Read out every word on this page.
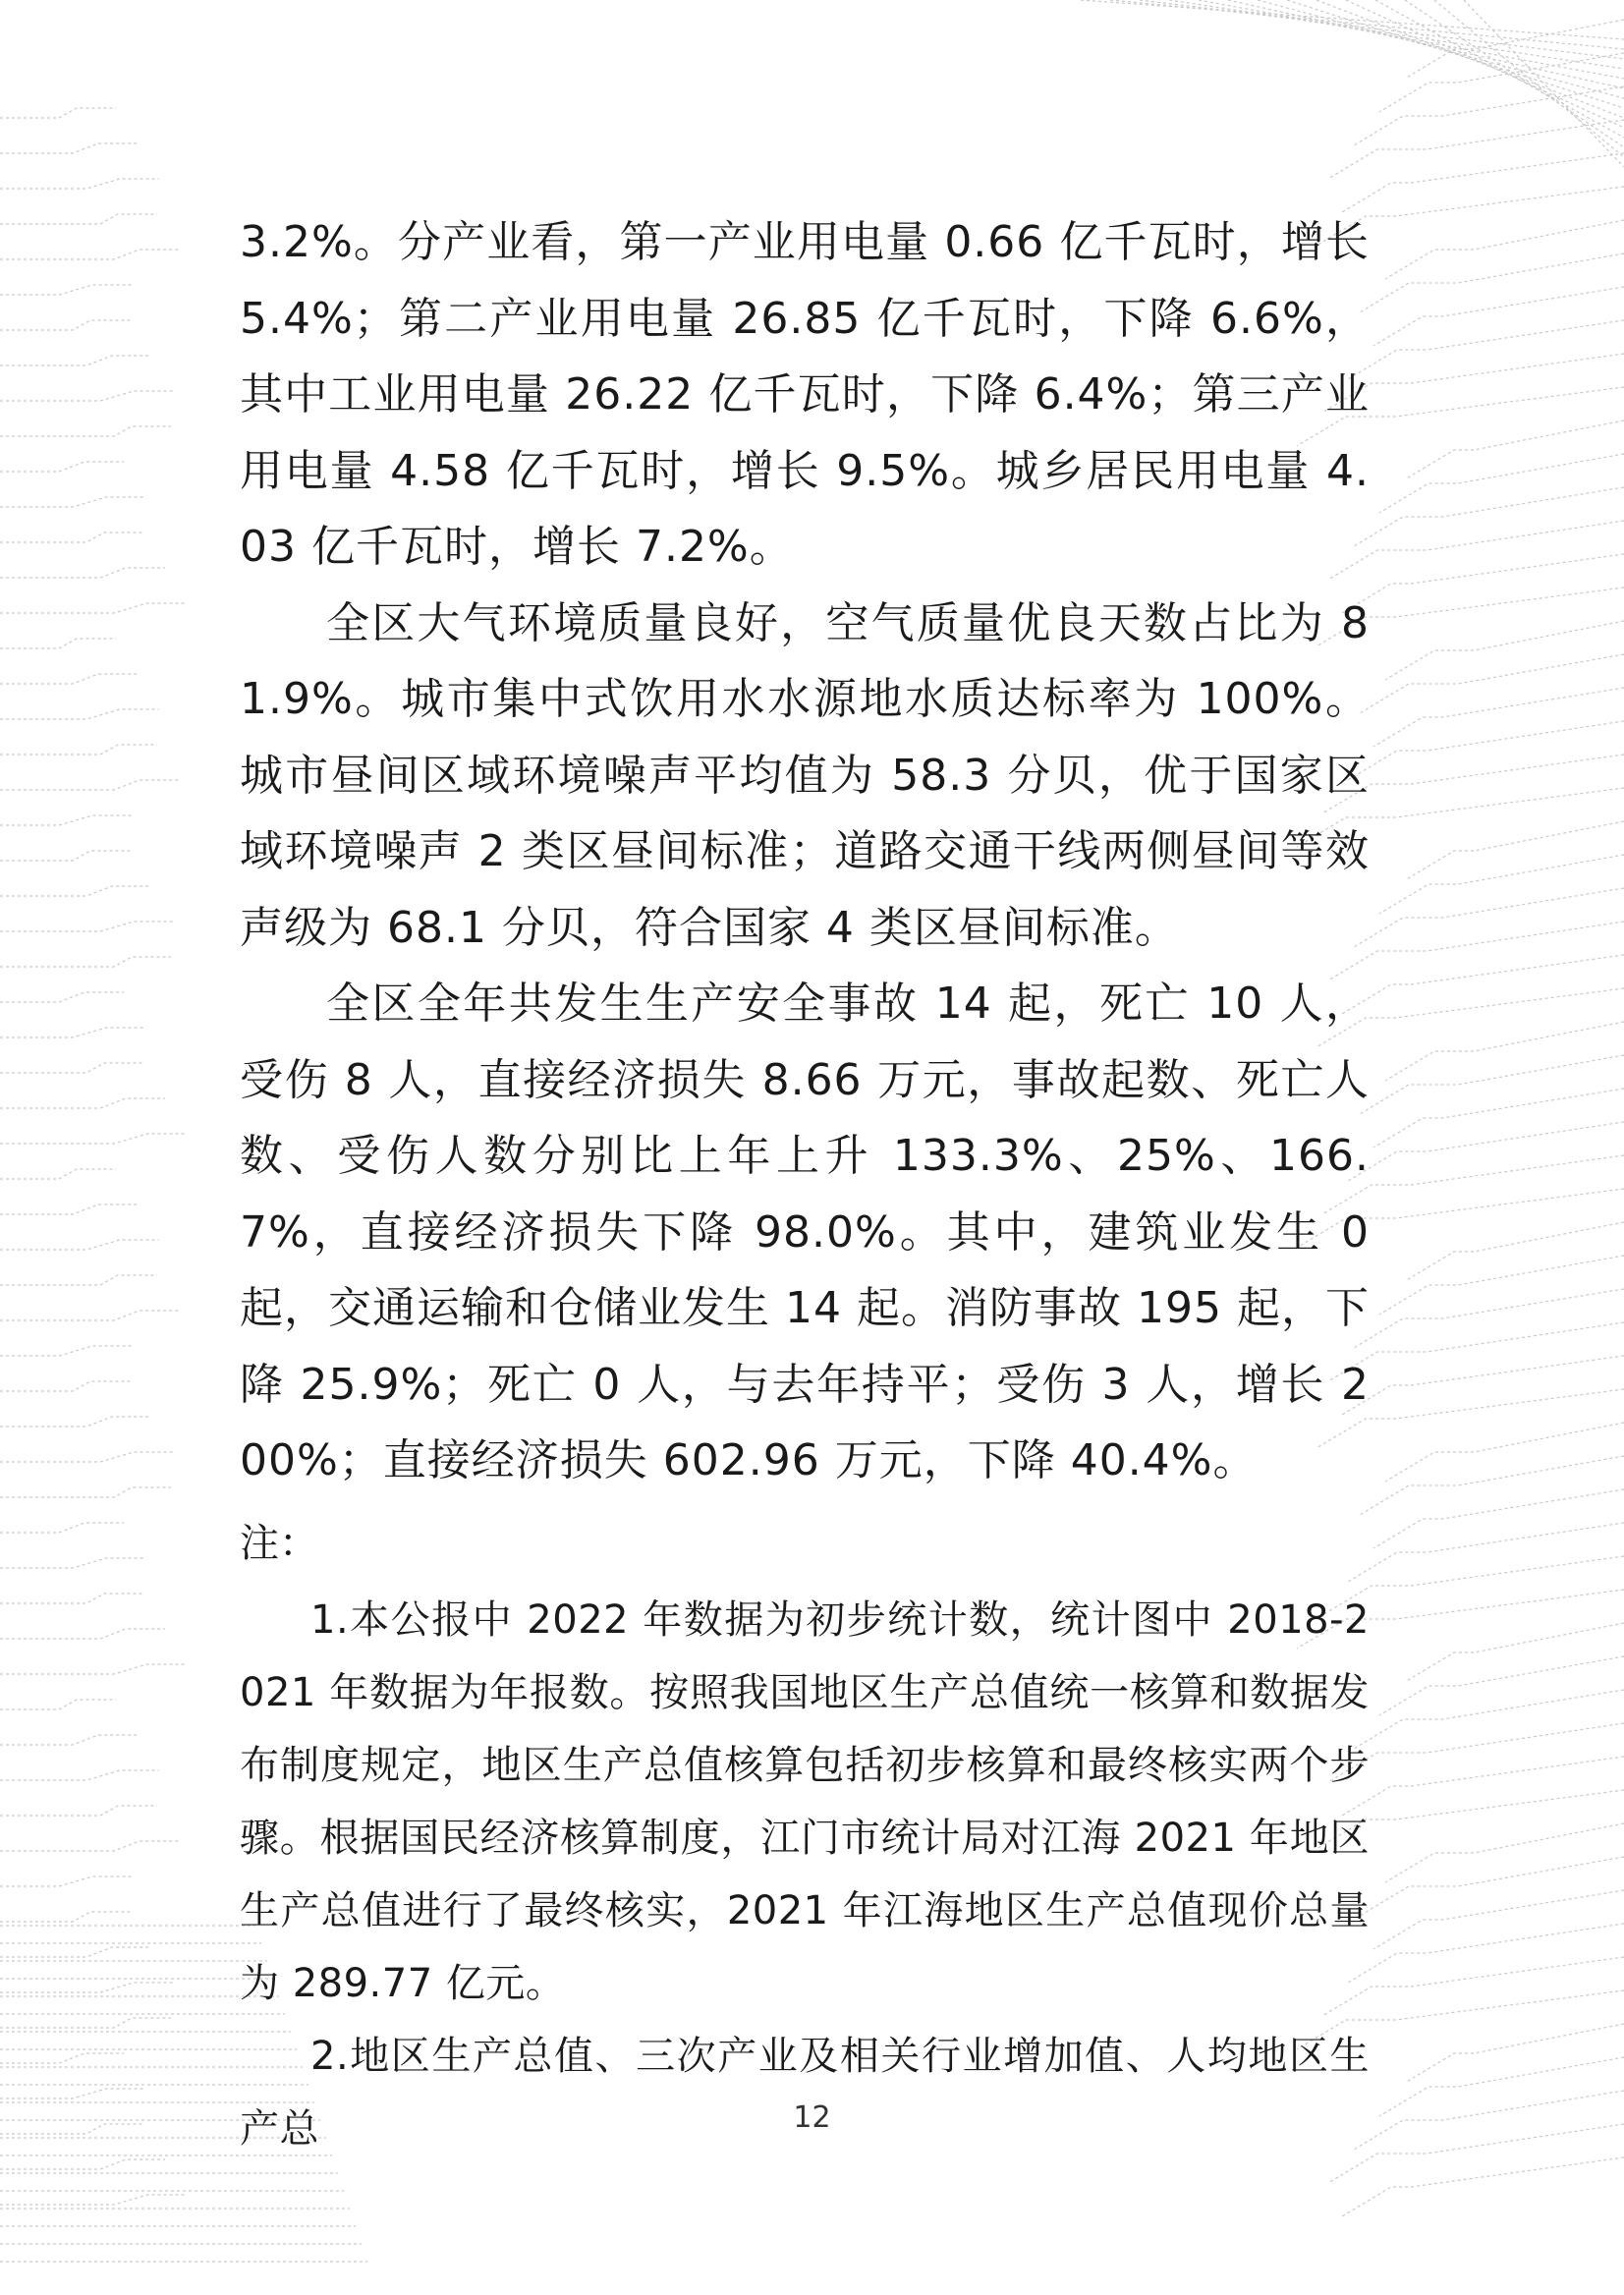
3.2%。分产业看，第一产业用电量 0.66 亿千瓦时，增长 5.4%；第二产业用电量 26.85 亿千瓦时，下降 6.6%，其中工业用电量 26.22 亿千瓦时，下降 6.4%；第三产业用电量 4.58 亿千瓦时，增长 9.5%。城乡居民用电量 4.03 亿千瓦时，增长 7.2%。

全区大气环境质量良好，空气质量优良天数占比为 81.9%。城市集中式饮用水水源地水质达标率为 100%。城市昼间区域环境噪声平均值为 58.3 分贝，优于国家区域环境噪声 2 类区昼间标准；道路交通干线两侧昼间等效声级为 68.1 分贝，符合国家 4 类区昼间标准。

全区全年共发生生产安全事故 14 起，死亡 10 人，受伤 8 人，直接经济损失 8.66 万元，事故起数、死亡人数、受伤人数分别比上年上升 133.3%、25%、166.7%，直接经济损失下降 98.0%。其中，建筑业发生 0 起，交通运输和仓储业发生 14 起。消防事故 195 起，下降 25.9%；死亡 0 人，与去年持平；受伤 3 人，增长 200%；直接经济损失 602.96 万元，下降 40.4%。

注：

1.本公报中 2022 年数据为初步统计数，统计图中 2018-2021 年数据为年报数。按照我国地区生产总值统一核算和数据发布制度规定，地区生产总值核算包括初步核算和最终核实两个步骤。根据国民经济核算制度，江门市统计局对江海 2021 年地区生产总值进行了最终核实，2021 年江海地区生产总值现价总量为 289.77 亿元。

2.地区生产总值、三次产业及相关行业增加值、人均地区生产总	12
